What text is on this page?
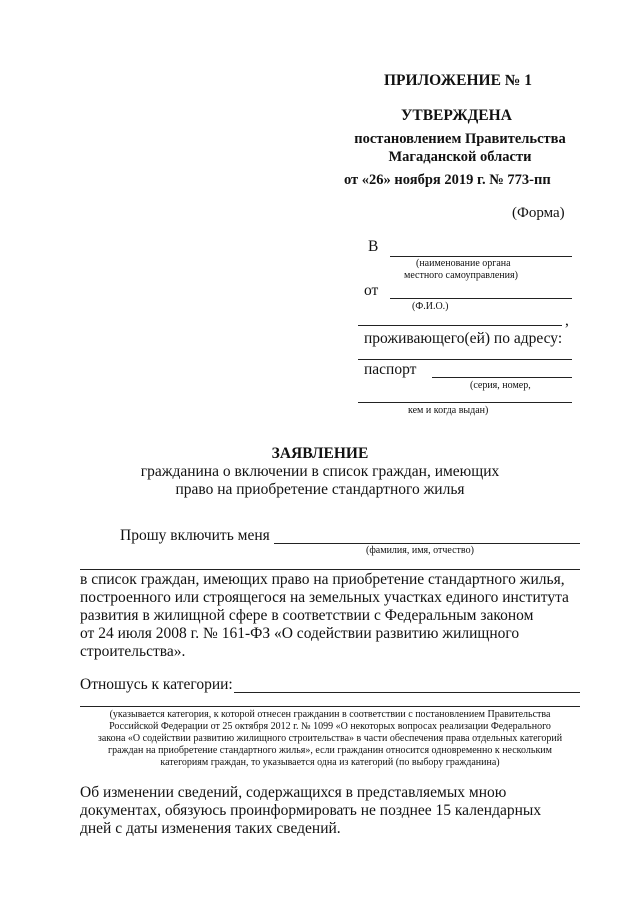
ПРИЛОЖЕНИЕ № 1
УТВЕРЖДЕНА
постановлением Правительства
Магаданской области
от «26» ноября 2019 г. № 773-пп
(Форма)
В
(наименование органа
местного самоуправления)
от
(Ф.И.О.)
,
проживающего(ей) по адресу:
паспорт
(серия, номер,
кем и когда выдан)
ЗАЯВЛЕНИЕ
гражданина о включении в список граждан, имеющих
право на приобретение стандартного жилья
Прошу включить меня
(фамилия, имя, отчество)
в список граждан, имеющих право на приобретение стандартного жилья,
построенного или строящегося на земельных участках единого института
развития в жилищной сфере в соответствии с Федеральным законом
от 24 июля 2008 г. № 161-ФЗ «О содействии развитию жилищного
строительства».
Отношусь к категории:
(указывается категория, к которой отнесен гражданин в соответствии с постановлением Правительства
Российской Федерации от 25 октября 2012 г. № 1099 «О некоторых вопросах реализации Федерального
закона «О содействии развитию жилищного строительства» в части обеспечения права отдельных категорий
граждан на приобретение стандартного жилья», если гражданин относится одновременно к нескольким
категориям граждан, то указывается одна из категорий (по выбору гражданина)
Об изменении сведений, содержащихся в представляемых мною
документах, обязуюсь проинформировать не позднее 15 календарных
дней с даты изменения таких сведений.
